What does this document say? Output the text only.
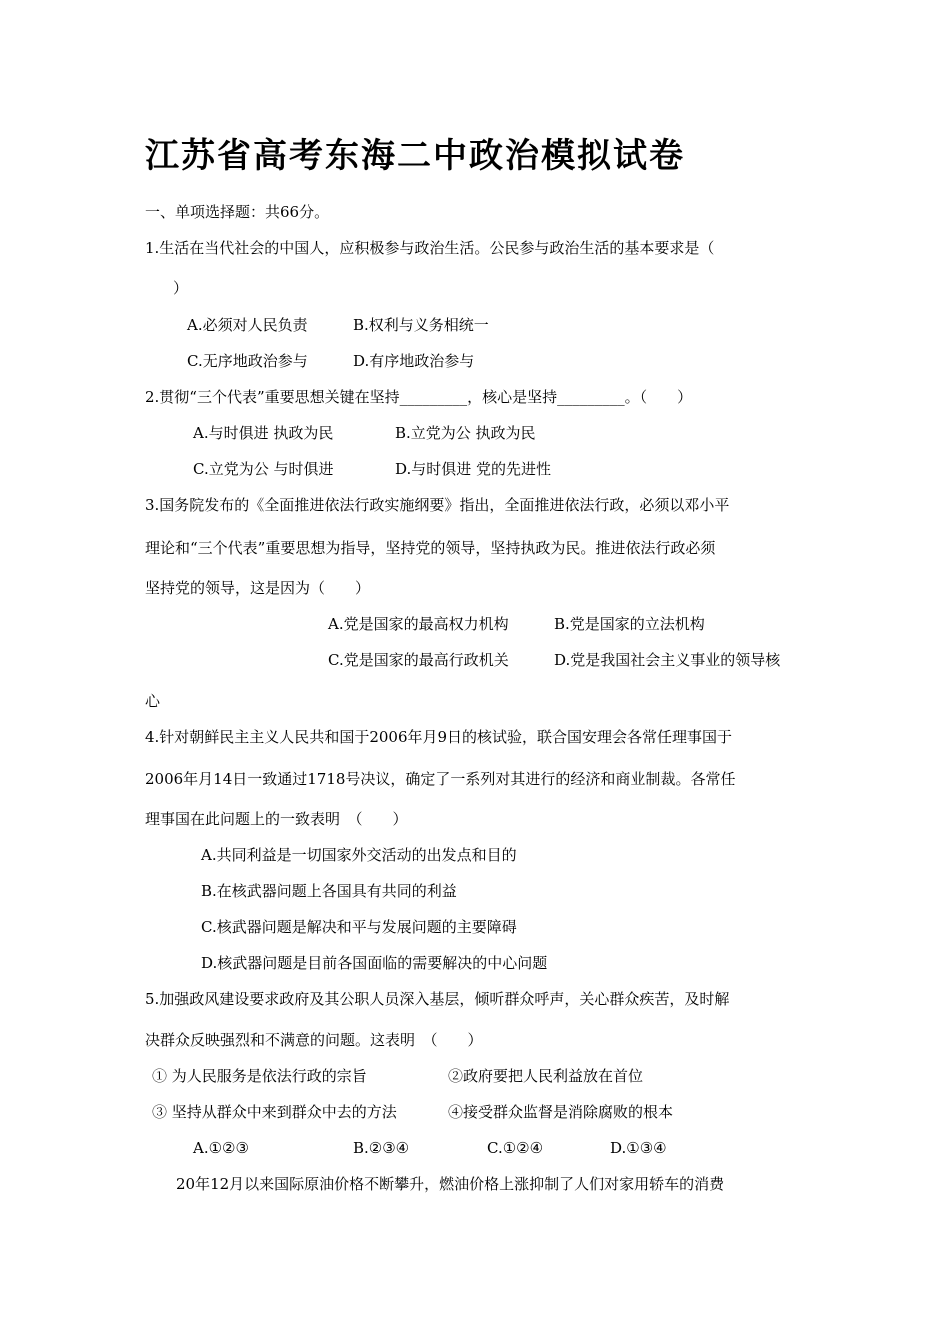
江苏省高考东海二中政治模拟试卷
一、单项选择题：共66分。
1.生活在当代社会的中国人，应积极参与政治生活。公民参与政治生活的基本要求是（
）
A.必须对人民负责	B.权利与义务相统一
C.无序地政治参与	D.有序地政治参与
2.贯彻“三个代表”重要思想关键在坚持_________，核心是坚持_________。（　　）
A.与时俱进 执政为民	B.立党为公 执政为民
C.立党为公 与时俱进	D.与时俱进 党的先进性
3.国务院发布的《全面推进依法行政实施纲要》指出，全面推进依法行政，必须以邓小平
理论和“三个代表”重要思想为指导，坚持党的领导，坚持执政为民。推进依法行政必须
坚持党的领导，这是因为（　　）
A.党是国家的最高权力机构	B.党是国家的立法机构
C.党是国家的最高行政机关	D.党是我国社会主义事业的领导核
心
4.针对朝鲜民主主义人民共和国于2006年月9日的核试验，联合国安理会各常任理事国于
2006年月14日一致通过1718号决议，确定了一系列对其进行的经济和商业制裁。各常任
理事国在此问题上的一致表明　（　　）
A.共同利益是一切国家外交活动的出发点和目的
B.在核武器问题上各国具有共同的利益
C.核武器问题是解决和平与发展问题的主要障碍
D.核武器问题是目前各国面临的需要解决的中心问题
5.加强政风建设要求政府及其公职人员深入基层，倾听群众呼声，关心群众疾苦，及时解
决群众反映强烈和不满意的问题。这表明　（　　）
① 为人民服务是依法行政的宗旨	②政府要把人民利益放在首位
③ 坚持从群众中来到群众中去的方法	④接受群众监督是消除腐败的根本
A.①②③	B.②③④	C.①②④	D.①③④
20年12月以来国际原油价格不断攀升，燃油价格上涨抑制了人们对家用轿车的消费
